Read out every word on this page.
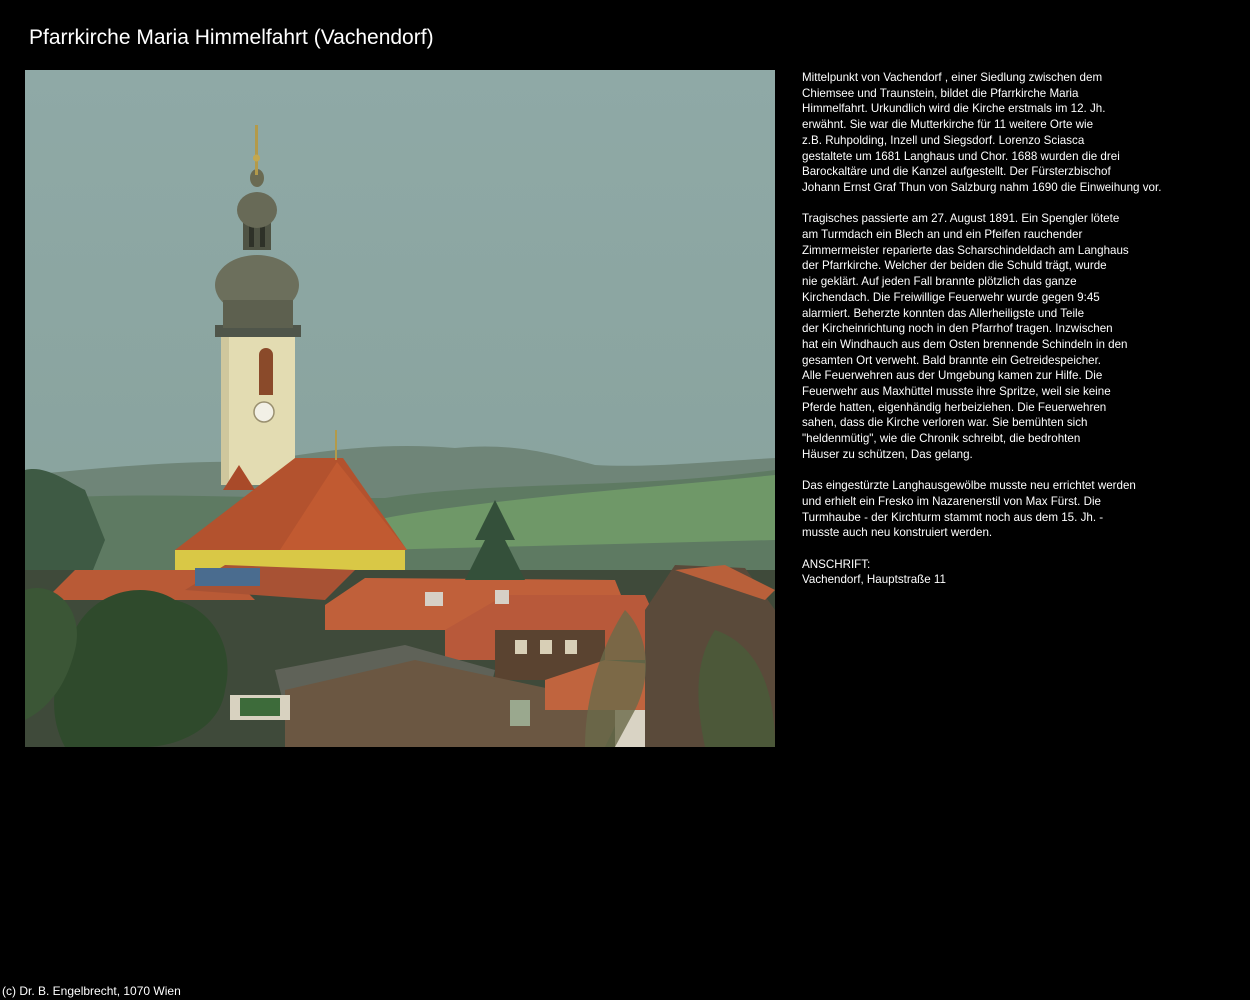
Pfarrkirche Maria Himmelfahrt (Vachendorf)

Mittelpunkt von Vachendorf , einer Siedlung zwischen dem
Chiemsee und Traunstein, bildet die Pfarrkirche Maria
Himmelfahrt. Urkundlich wird die Kirche erstmals im 12. Jh.
erwähnt. Sie war die Mutterkirche für 11 weitere Orte wie
z.B. Ruhpolding, Inzell und Siegsdorf. Lorenzo Sciasca
gestaltete um 1681 Langhaus und Chor. 1688 wurden die drei
Barockaltäre und die Kanzel aufgestellt. Der Fürsterzbischof
Johann Ernst Graf Thun von Salzburg nahm 1690 die Einweihung vor.

Tragisches passierte am 27. August 1891. Ein Spengler lötete
am Turmdach ein Blech an und ein Pfeifen rauchender
Zimmermeister reparierte das Scharschindeldach am Langhaus
der Pfarrkirche. Welcher der beiden die Schuld trägt, wurde
nie geklärt. Auf jeden Fall brannte plötzlich das ganze
Kirchendach. Die Freiwillige Feuerwehr wurde gegen 9:45
alarmiert. Beherzte konnten das Allerheiligste und Teile
der Kircheinrichtung noch in den Pfarrhof tragen. Inzwischen
hat ein Windhauch aus dem Osten brennende Schindeln in den
gesamten Ort verweht. Bald brannte ein Getreidespeicher.
Alle Feuerwehren aus der Umgebung kamen zur Hilfe. Die
Feuerwehr aus Maxhüttel musste ihre Spritze, weil sie keine
Pferde hatten, eigenhändig herbeiziehen. Die Feuerwehren
sahen, dass die Kirche verloren war. Sie bemühten sich
"heldenmütig", wie die Chronik schreibt, die bedrohten
Häuser zu schützen, Das gelang.

Das eingestürzte Langhausgewölbe musste neu errichtet werden
und erhielt ein Fresko im Nazarenerstil von Max Fürst. Die
Turmhaube - der Kirchturm stammt noch aus dem 15. Jh. -
musste auch neu konstruiert werden.

ANSCHRIFT:
Vachendorf, Hauptstraße 11
(c) Dr. B. Engelbrecht, 1070 Wien
